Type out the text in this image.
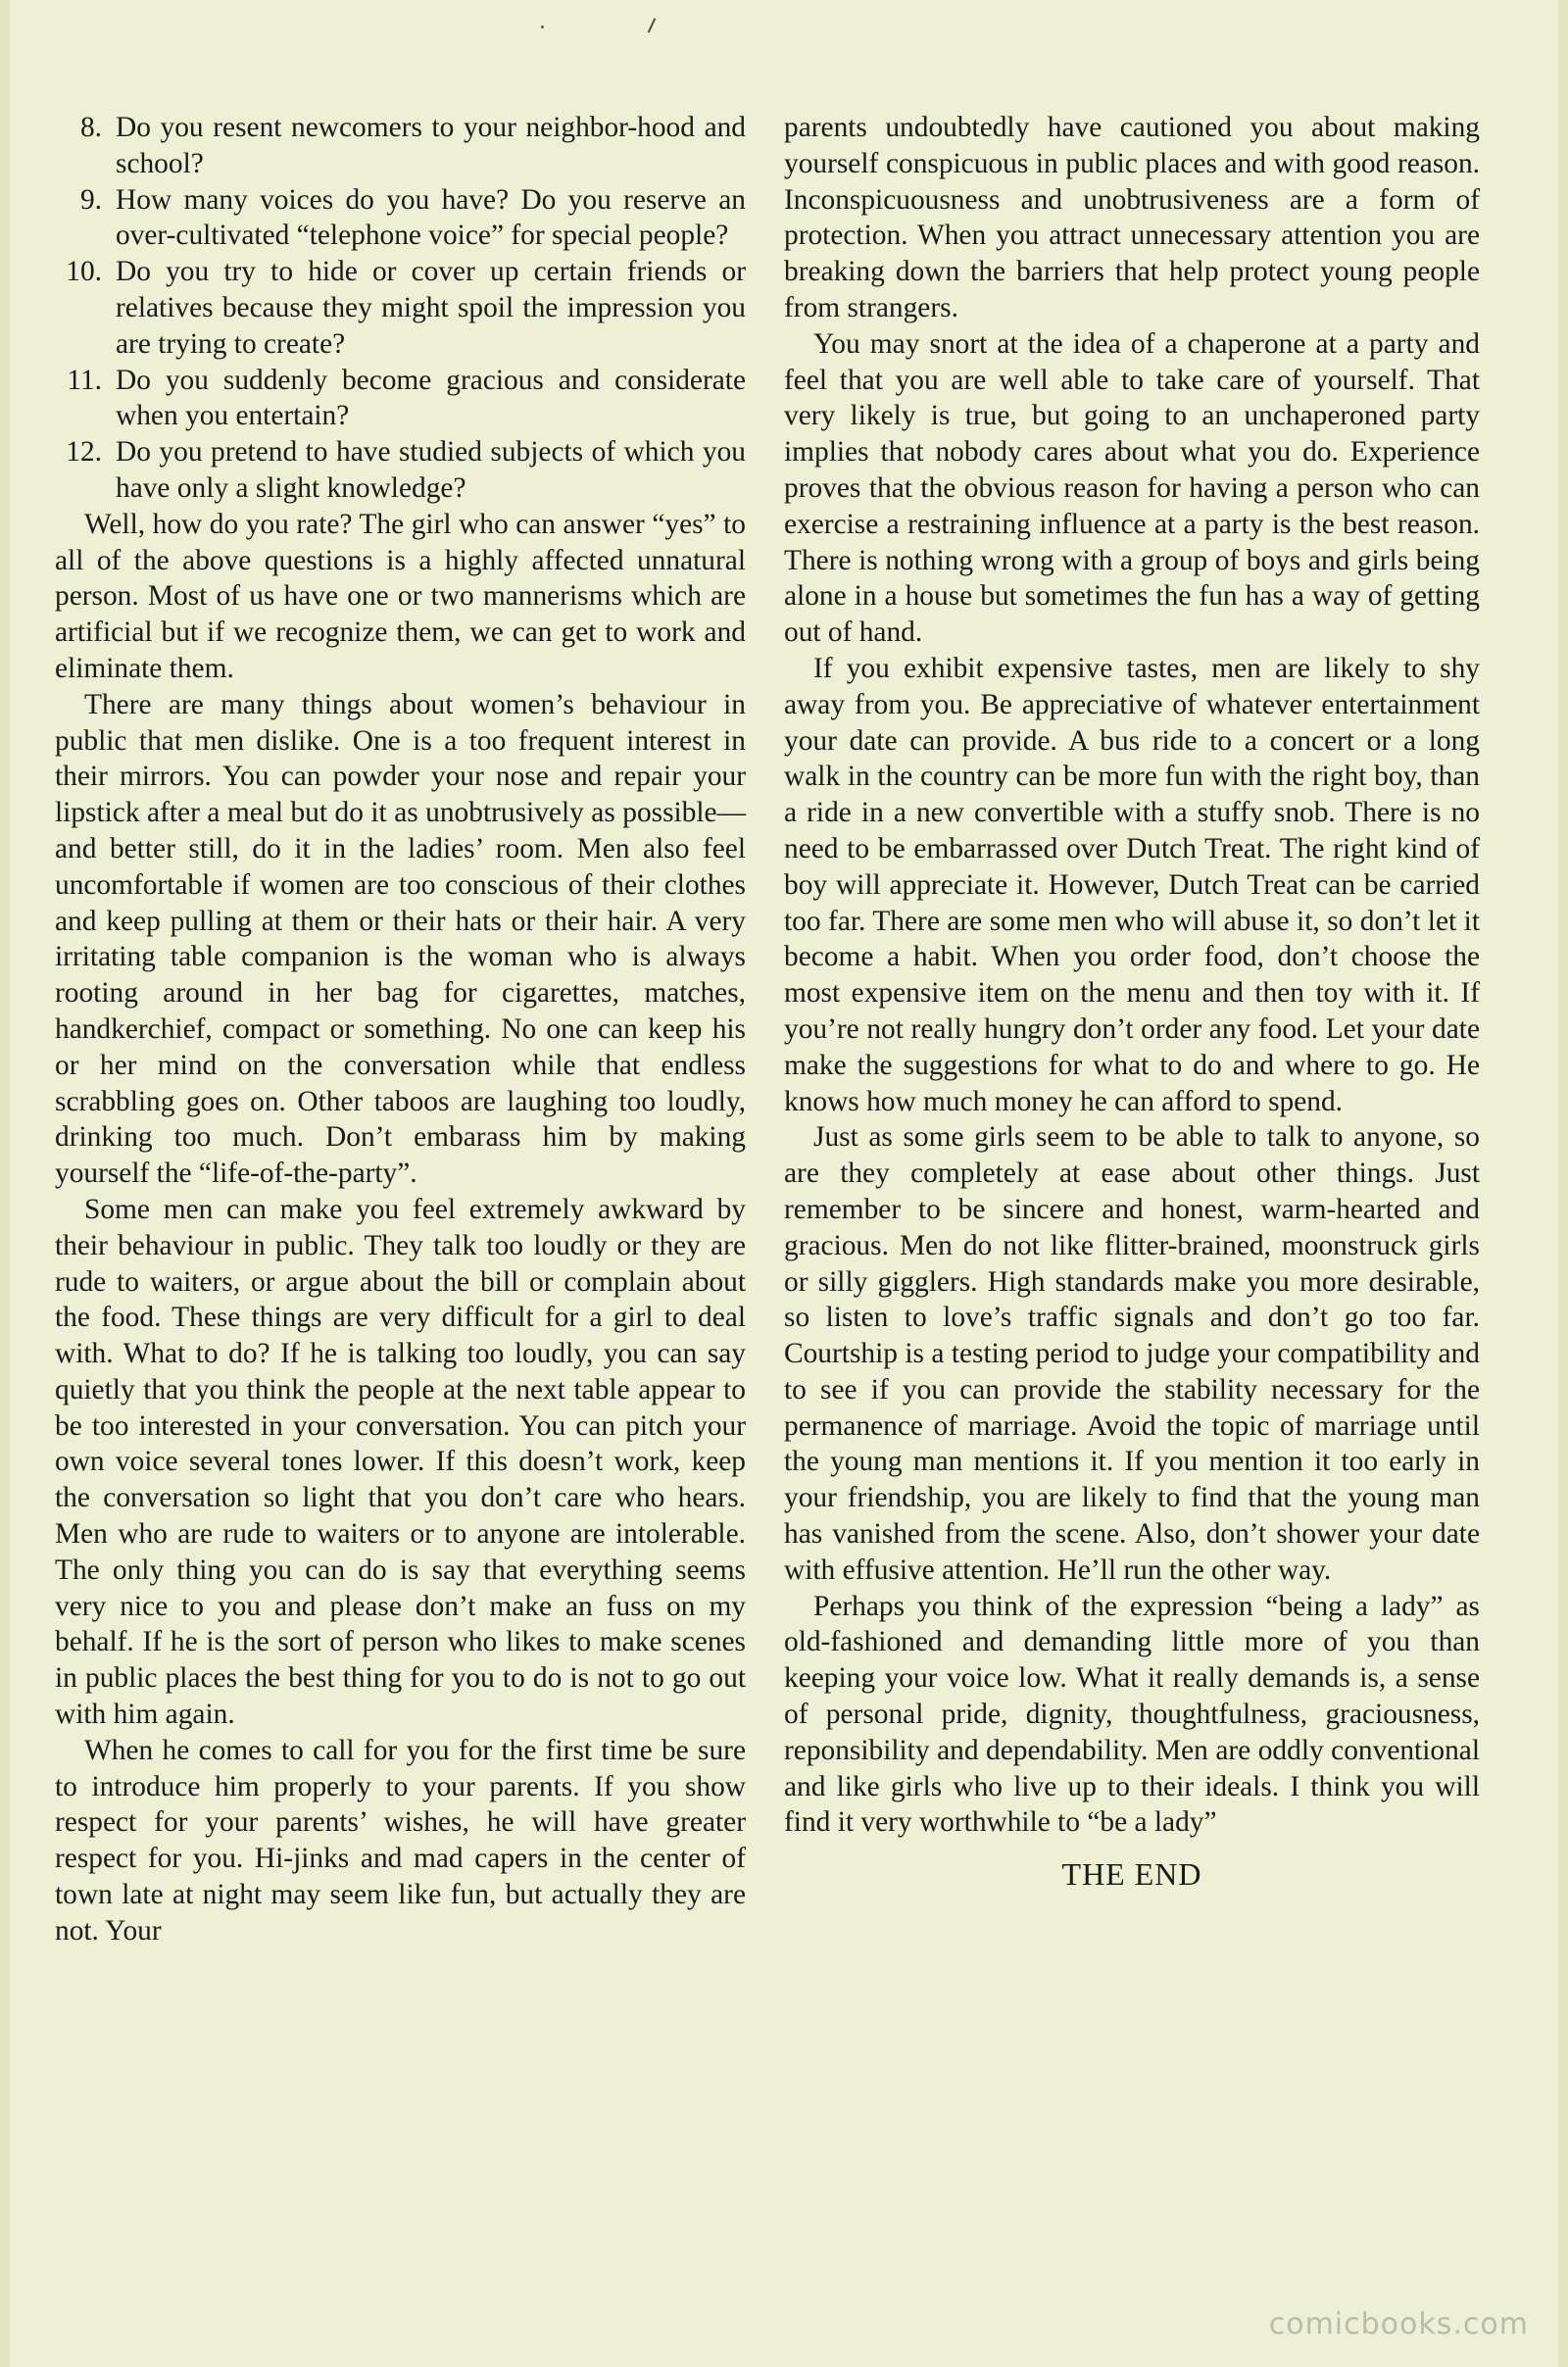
8. Do you resent newcomers to your neighbor-hood and school?
9. How many voices do you have? Do you reserve an over-cultivated “telephone voice” for special people?
10. Do you try to hide or cover up certain friends or relatives because they might spoil the impression you are trying to create?
11. Do you suddenly become gracious and considerate when you entertain?
12. Do you pretend to have studied subjects of which you have only a slight knowledge?

Well, how do you rate? The girl who can answer “yes” to all of the above questions is a highly affected unnatural person. Most of us have one or two mannerisms which are artificial but if we recognize them, we can get to work and eliminate them.

There are many things about women’s behaviour in public that men dislike. One is a too frequent interest in their mirrors. You can powder your nose and repair your lipstick after a meal but do it as unobtrusively as possible—and better still, do it in the ladies’ room. Men also feel uncomfortable if women are too conscious of their clothes and keep pulling at them or their hats or their hair. A very irritating table companion is the woman who is always rooting around in her bag for cigarettes, matches, handkerchief, compact or something. No one can keep his or her mind on the conversation while that endless scrabbling goes on. Other taboos are laughing too loudly, drinking too much. Don’t embarass him by making yourself the “life-of-the-party”.

Some men can make you feel extremely awkward by their behaviour in public. They talk too loudly or they are rude to waiters, or argue about the bill or complain about the food. These things are very difficult for a girl to deal with. What to do? If he is talking too loudly, you can say quietly that you think the people at the next table appear to be too interested in your conversation. You can pitch your own voice several tones lower. If this doesn’t work, keep the conversation so light that you don’t care who hears. Men who are rude to waiters or to anyone are intolerable. The only thing you can do is say that everything seems very nice to you and please don’t make an fuss on my behalf. If he is the sort of person who likes to make scenes in public places the best thing for you to do is not to go out with him again.

When he comes to call for you for the first time be sure to introduce him properly to your parents. If you show respect for your parents’ wishes, he will have greater respect for you. Hi-jinks and mad capers in the center of town late at night may seem like fun, but actually they are not. Your

parents undoubtedly have cautioned you about making yourself conspicuous in public places and with good reason. Inconspicuousness and unobtrusiveness are a form of protection. When you attract unnecessary attention you are breaking down the barriers that help protect young people from strangers.

You may snort at the idea of a chaperone at a party and feel that you are well able to take care of yourself. That very likely is true, but going to an unchaperoned party implies that nobody cares about what you do. Experience proves that the obvious reason for having a person who can exercise a restraining influence at a party is the best reason. There is nothing wrong with a group of boys and girls being alone in a house but sometimes the fun has a way of getting out of hand.

If you exhibit expensive tastes, men are likely to shy away from you. Be appreciative of whatever entertainment your date can provide. A bus ride to a concert or a long walk in the country can be more fun with the right boy, than a ride in a new convertible with a stuffy snob. There is no need to be embarrassed over Dutch Treat. The right kind of boy will appreciate it. However, Dutch Treat can be carried too far. There are some men who will abuse it, so don’t let it become a habit. When you order food, don’t choose the most expensive item on the menu and then toy with it. If you’re not really hungry don’t order any food. Let your date make the suggestions for what to do and where to go. He knows how much money he can afford to spend.

Just as some girls seem to be able to talk to anyone, so are they completely at ease about other things. Just remember to be sincere and honest, warm-hearted and gracious. Men do not like flitter-brained, moonstruck girls or silly gigglers. High standards make you more desirable, so listen to love’s traffic signals and don’t go too far. Courtship is a testing period to judge your compatibility and to see if you can provide the stability necessary for the permanence of marriage. Avoid the topic of marriage until the young man mentions it. If you mention it too early in your friendship, you are likely to find that the young man has vanished from the scene. Also, don’t shower your date with effusive attention. He’ll run the other way.

Perhaps you think of the expression “being a lady” as old-fashioned and demanding little more of you than keeping your voice low. What it really demands is, a sense of personal pride, dignity, thoughtfulness, graciousness, reponsibility and dependability. Men are oddly conventional and like girls who live up to their ideals. I think you will find it very worthwhile to “be a lady”

THE END
comicbooks.com
